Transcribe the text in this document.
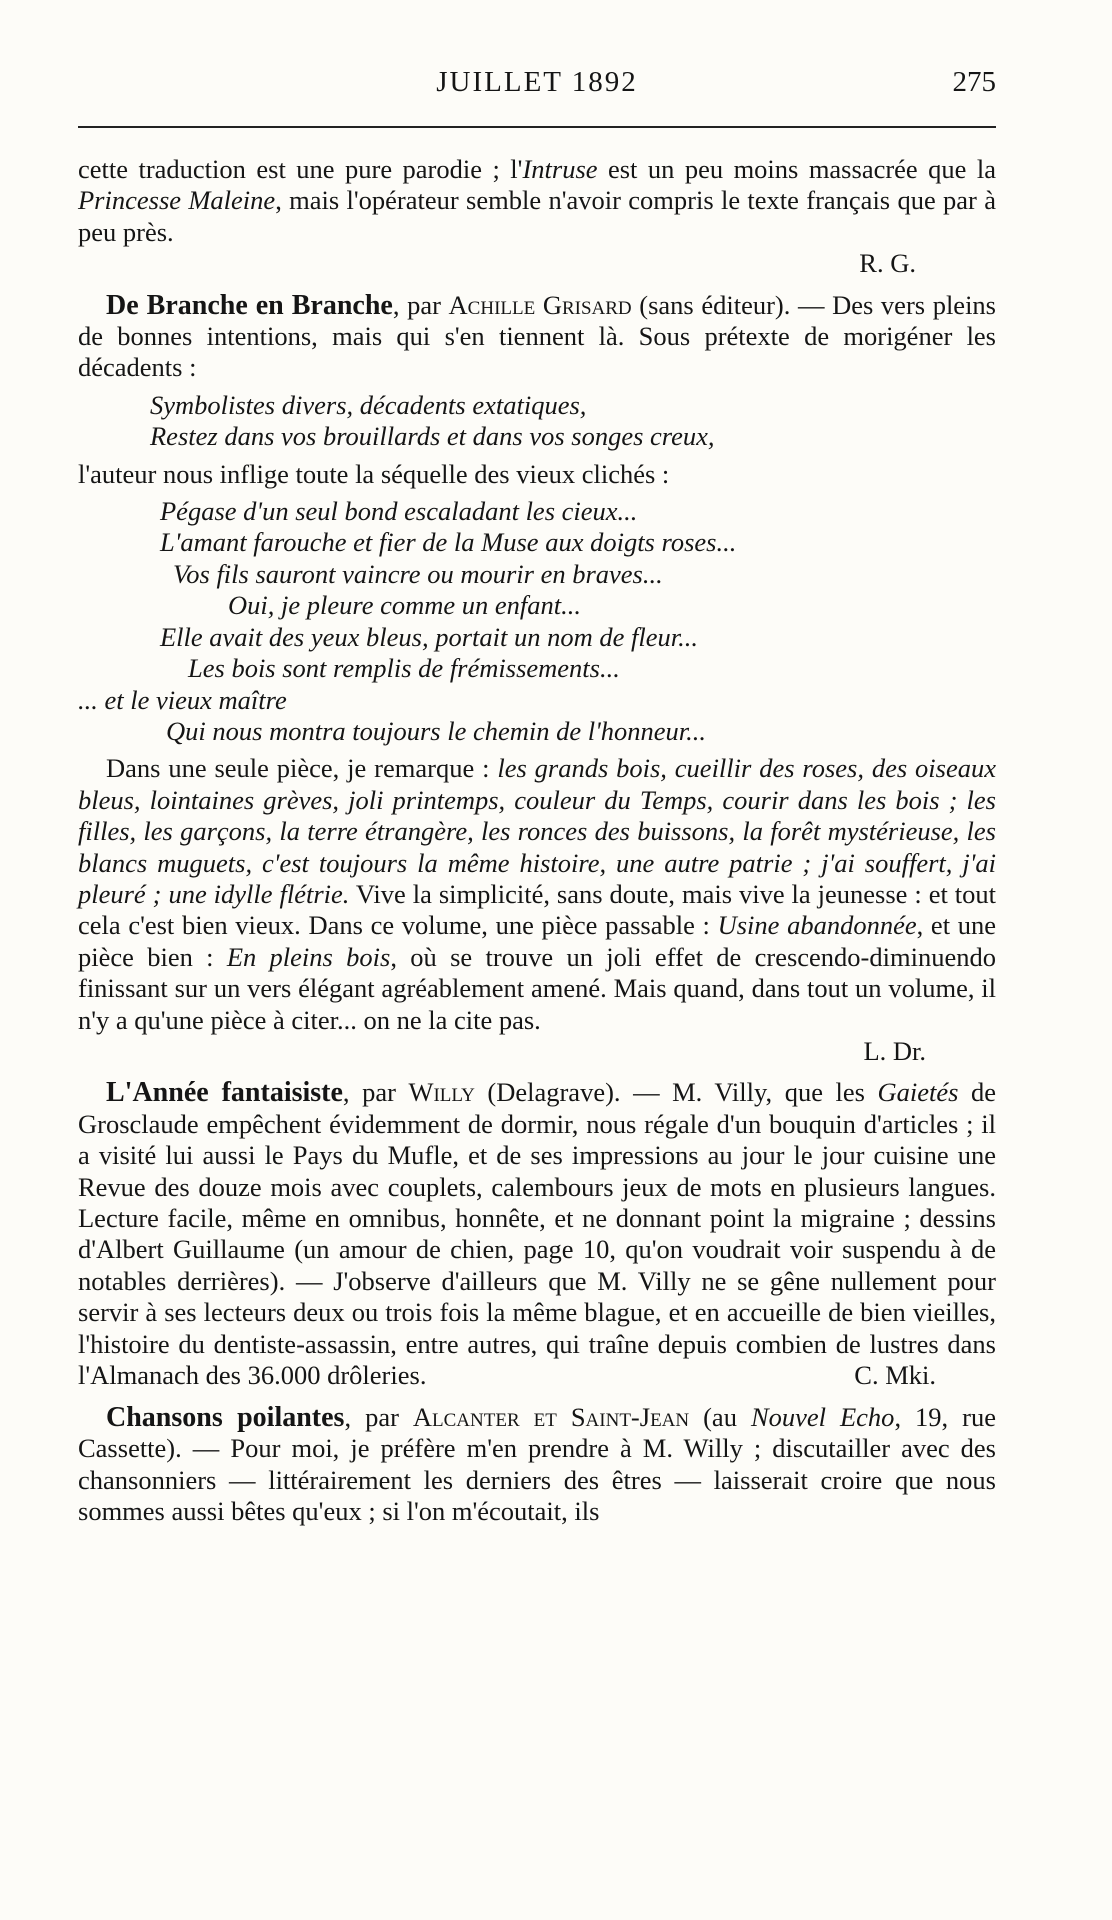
JUILLET 1892	275

cette traduction est une pure parodie ; l'Intruse est un peu moins massacrée que la Princesse Maleine, mais l'opérateur semble n'avoir compris le texte français que par à peu près.

R. G.

De Branche en Branche, par Achille Grisard (sans éditeur). — Des vers pleins de bonnes intentions, mais qui s'en tiennent là. Sous prétexte de morigéner les décadents :

Symbolistes divers, décadents extatiques,

Restez dans vos brouillards et dans vos songes creux,

l'auteur nous inflige toute la séquelle des vieux clichés :

Pégase d'un seul bond escaladant les cieux...

L'amant farouche et fier de la Muse aux doigts roses...

Vos fils sauront vaincre ou mourir en braves...

Oui, je pleure comme un enfant...

Elle avait des yeux bleus, portait un nom de fleur...

Les bois sont remplis de frémissements...

... et le vieux maître

Qui nous montra toujours le chemin de l'honneur...

Dans une seule pièce, je remarque : les grands bois, cueillir des roses, des oiseaux bleus, lointaines grèves, joli printemps, couleur du Temps, courir dans les bois ; les filles, les garçons, la terre étrangère, les ronces des buissons, la forêt mystérieuse, les blancs muguets, c'est toujours la même histoire, une autre patrie ; j'ai souffert, j'ai pleuré ; une idylle flétrie. Vive la simplicité, sans doute, mais vive la jeunesse : et tout cela c'est bien vieux. Dans ce volume, une pièce passable : Usine abandonnée, et une pièce bien : En pleins bois, où se trouve un joli effet de crescendo-diminuendo finissant sur un vers élégant agréablement amené. Mais quand, dans tout un volume, il n'y a qu'une pièce à citer... on ne la cite pas.

L. Dr.

L'Année fantaisiste, par Willy (Delagrave). — M. Villy, que les Gaietés de Grosclaude empêchent évidemment de dormir, nous régale d'un bouquin d'articles ; il a visité lui aussi le Pays du Mufle, et de ses impressions au jour le jour cuisine une Revue des douze mois avec couplets, calembours jeux de mots en plusieurs langues. Lecture facile, même en omnibus, honnête, et ne donnant point la migraine ; dessins d'Albert Guillaume (un amour de chien, page 10, qu'on voudrait voir suspendu à de notables derrières). — J'observe d'ailleurs que M. Villy ne se gêne nullement pour servir à ses lecteurs deux ou trois fois la même blague, et en accueille de bien vieilles, l'histoire du dentiste-assassin, entre autres, qui traîne depuis combien de lustres dans l'Almanach des 36.000 drôleries.	C. Mki.

Chansons poilantes, par Alcanter et Saint-Jean (au Nouvel Echo, 19, rue Cassette). — Pour moi, je préfère m'en prendre à M. Willy ; discutailler avec des chansonniers — littérairement les derniers des êtres — laisserait croire que nous sommes aussi bêtes qu'eux ; si l'on m'écoutait, ils
